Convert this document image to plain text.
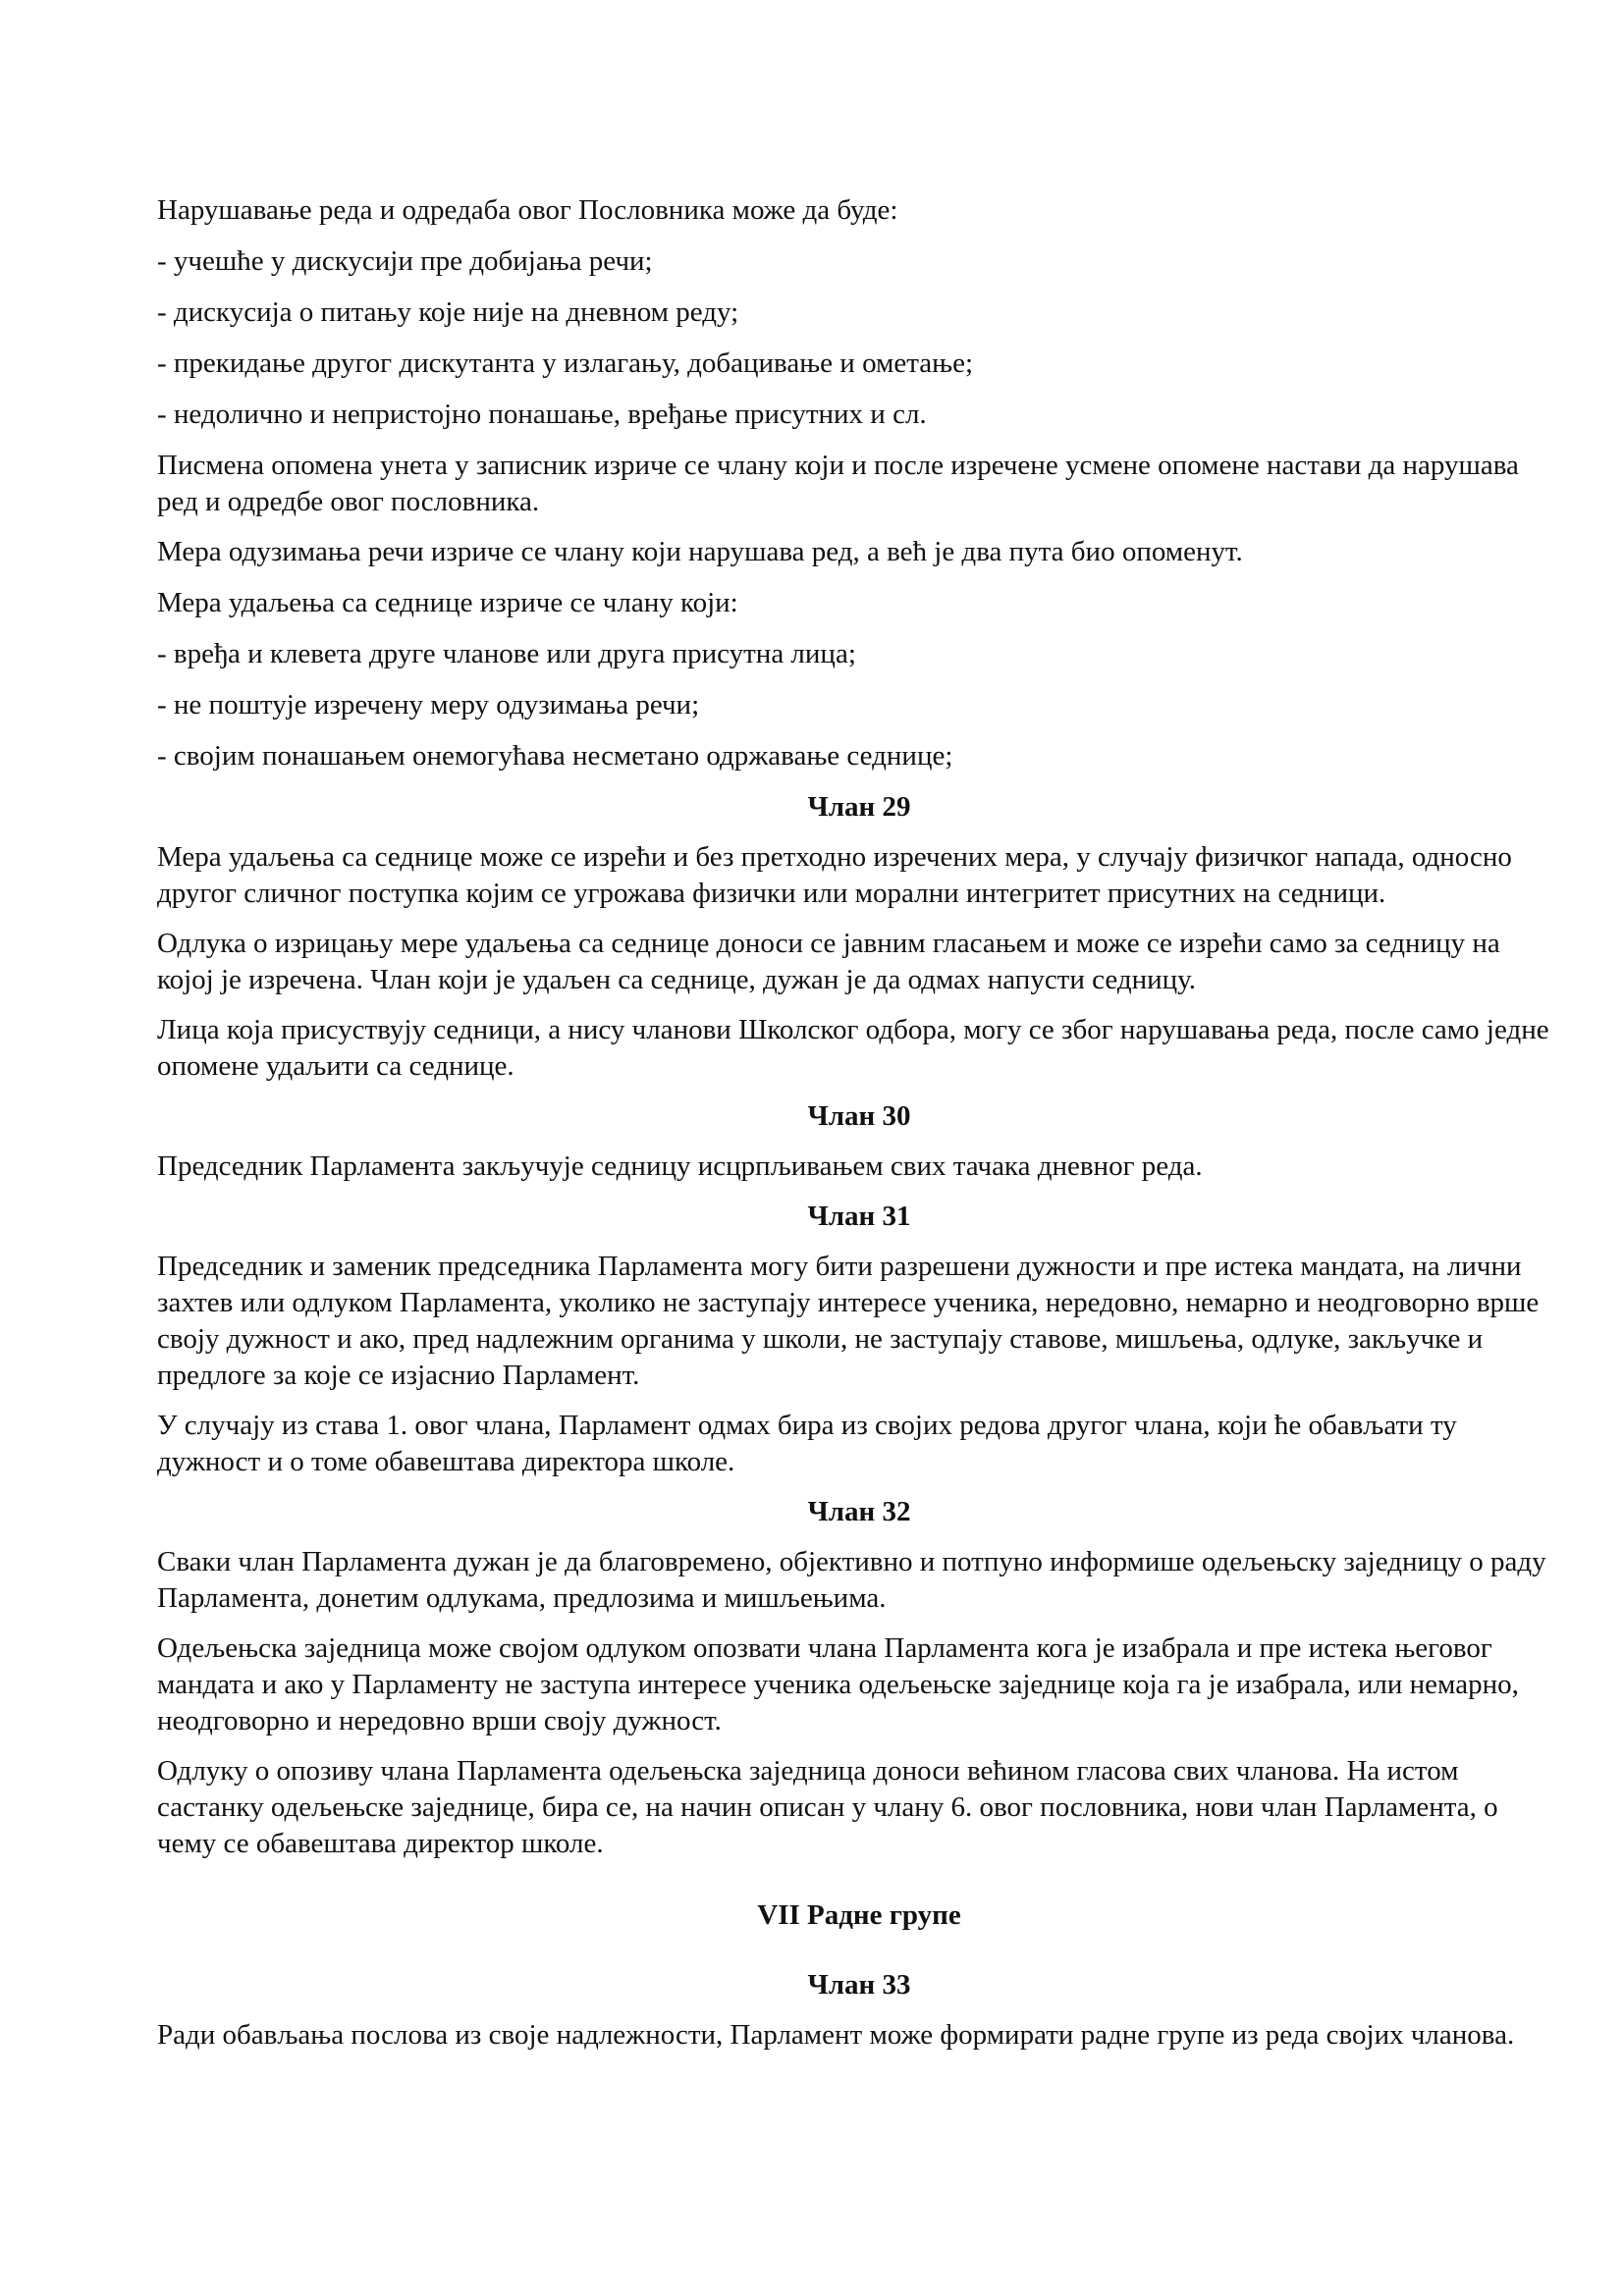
Нарушавање реда и одредаба овог Пословника може да буде:

- учешће у дискусији пре добијања речи;

- дискусија о питању које није на дневном реду;

- прекидање другог дискутанта у излагању, добацивање и ометање;

- недолично и непристојно понашање, вређање присутних и сл.

Писмена опомена унета у записник изриче се члану који и после изречене усмене опомене настави да нарушава ред и одредбе овог пословника.

Мера одузимања речи изриче се члану који нарушава ред, а већ је два пута био опоменут.

Мера удаљења са седнице изриче се члану који:

- вређа и клевета друге чланове или друга присутна лица;

- не поштује изречену меру одузимања речи;

- својим понашањем онемогућава несметано одржавање седнице;

Члан 29

Мера удаљења са седнице може се изрећи и без претходно изречених мера, у случају физичког напада, односно другог сличног поступка којим се угрожава физички или морални интегритет присутних на седници.

Одлука о изрицању мере удаљења са седнице доноси се јавним гласањем и може се изрећи само за седницу на којој је изречена. Члан који је удаљен са седнице, дужан је да одмах напусти седницу.

Лица која присуствују седници, а нису чланови Школског одбора, могу се због нарушавања реда, после само једне опомене удаљити са седнице.

Члан 30

Председник Парламента закључује седницу исцрпљивањем свих тачака дневног реда.

Члан 31

Председник и заменик председника Парламента могу бити разрешени дужности и пре истека мандата, на лични захтев или одлуком Парламента, уколико не заступају интересе ученика, нередовно, немарно и неодговорно врше своју дужност и ако, пред надлежним органима у школи, не заступају ставове, мишљења, одлуке, закључке и предлоге за које се изјаснио Парламент.

У случају из става 1. овог члана, Парламент одмах бира из својих редова другог члана, који ће обављати ту дужност и о томе обавештава директора школе.

Члан 32

Сваки члан Парламента дужан је да благовремено, објективно и потпуно информише одељењску заједницу о раду Парламента, донетим одлукама, предлозима и мишљењима.

Одељењска заједница може својом одлуком опозвати члана Парламента кога је изабрала и пре истека његовог мандата и ако у Парламенту не заступа интересе ученика одељењске заједнице која га је изабрала, или немарно, неодговорно и нередовно врши своју дужност.

Одлуку о опозиву члана Парламента одељењска заједница доноси већином гласова свих чланова. На истом састанку одељењске заједнице, бира се, на начин описан у члану 6. овог пословника, нови члан Парламента, о чему се обавештава директор школе.

VII Радне групе

Члан 33

Ради обављања послова из своје надлежности, Парламент може формирати радне групе из реда својих чланова.
